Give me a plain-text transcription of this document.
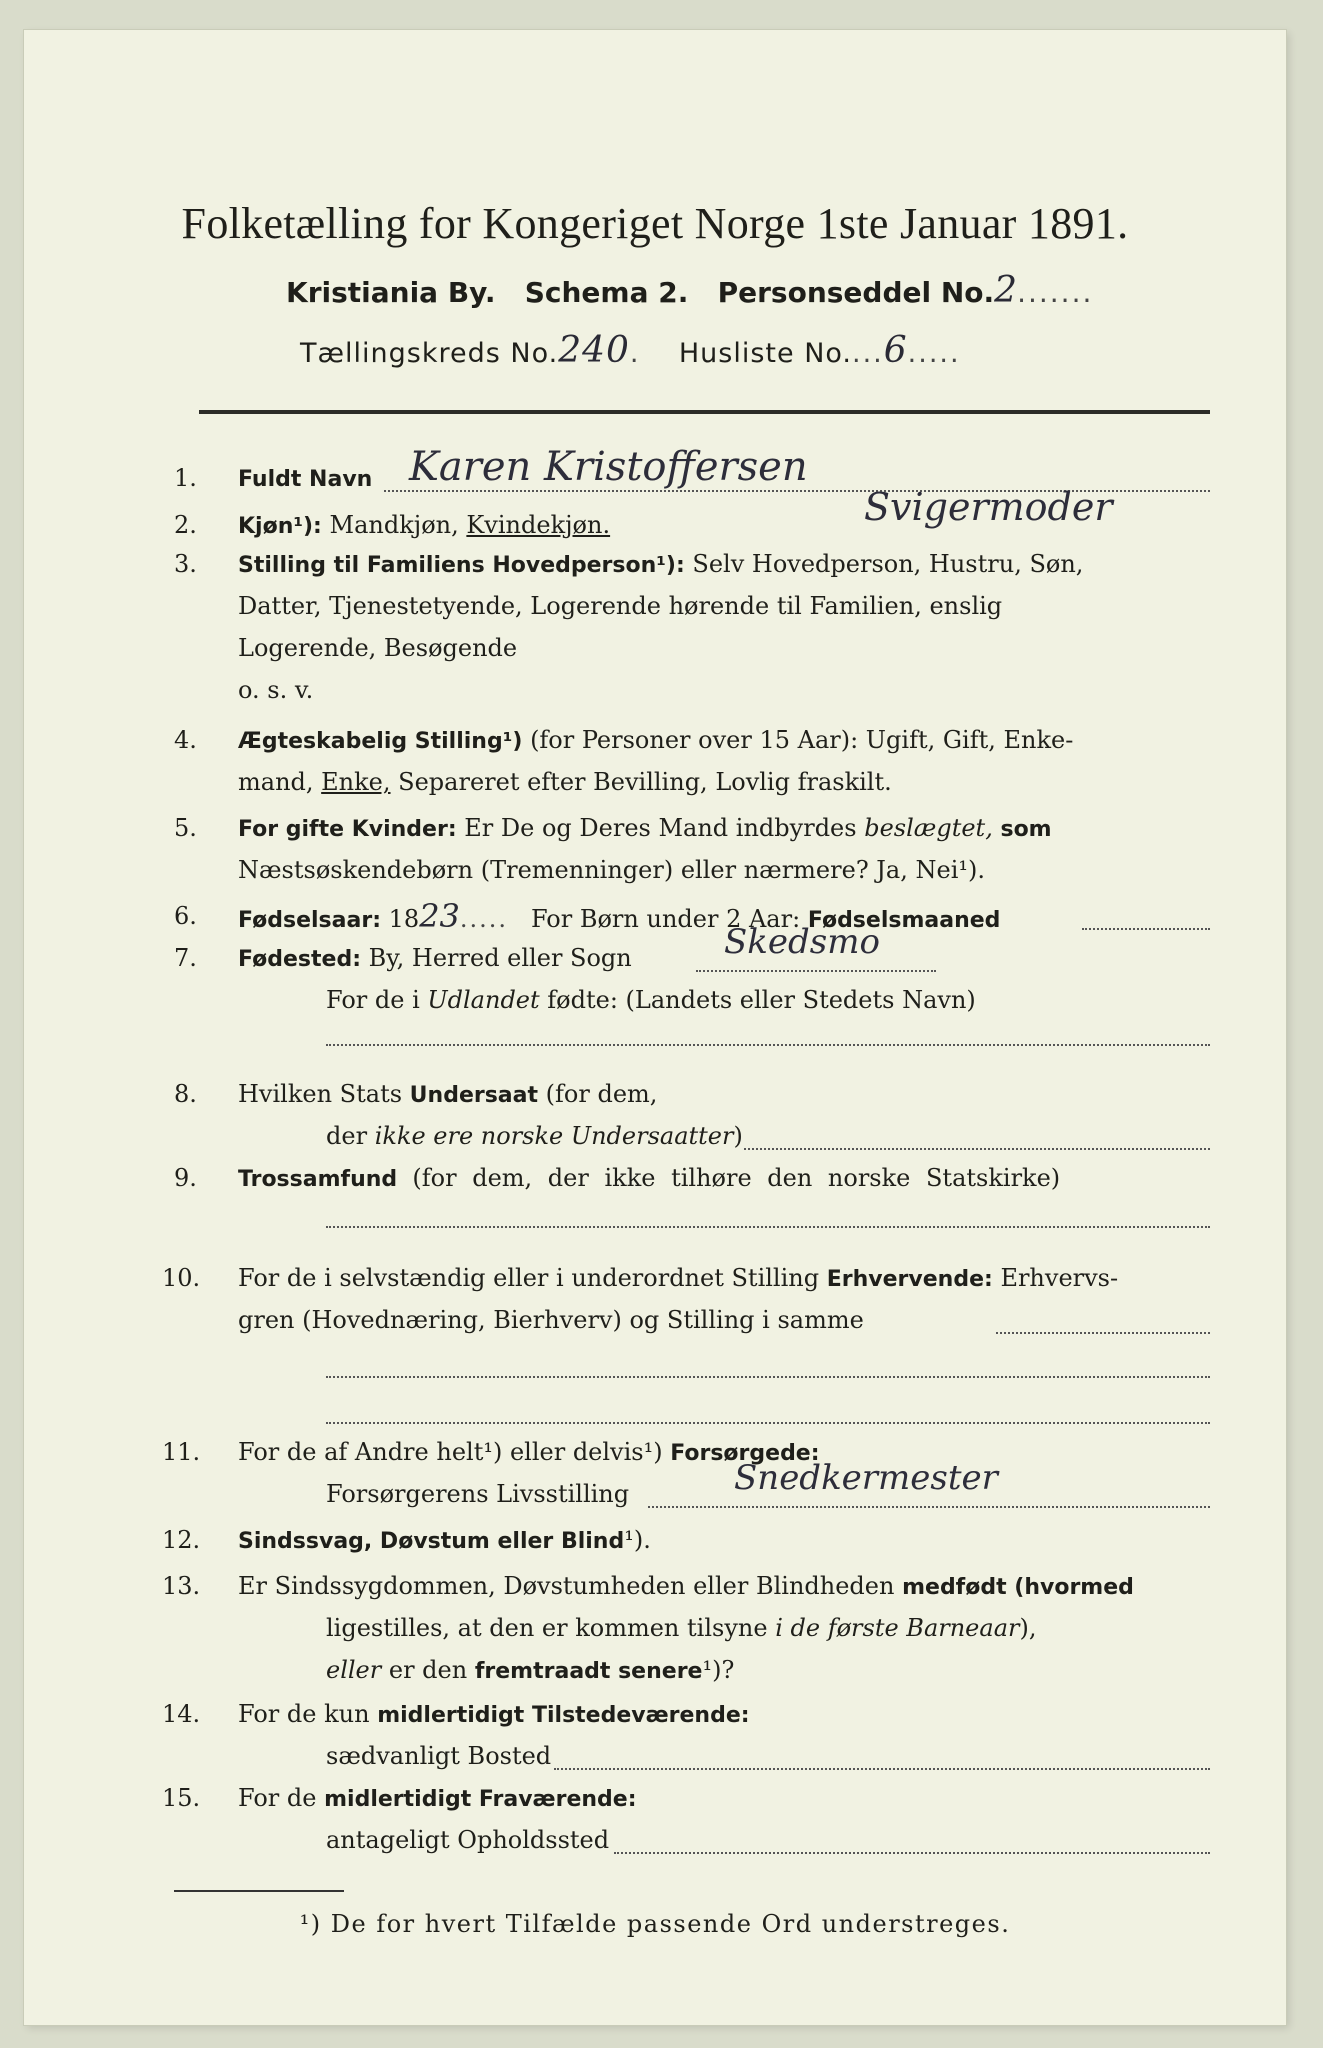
Folketælling for Kongeriget Norge 1ste Januar 1891.
Kristiania By. Schema 2. Personseddel No.2.......
Tællingskreds No.240. Husliste No....6.....
1.	Fuldt Navn Karen Kristoffersen
2.	Kjøn¹): Mandkjøn, Kvindekjøn.	Svigermoder
3.	Stilling til Familiens Hovedperson¹): Selv Hovedperson, Hustru, Søn,
Datter, Tjenestetyende, Logerende hørende til Familien, enslig
Logerende, Besøgende
o. s. v.
4.	Ægteskabelig Stilling¹) (for Personer over 15 Aar): Ugift, Gift, Enke-
mand, Enke, Separeret efter Bevilling, Lovlig fraskilt.
5.	For gifte Kvinder: Er De og Deres Mand indbyrdes beslægtet, som
Næstsøskendebørn (Tremenninger) eller nærmere? Ja, Nei¹).
6.	Fødselsaar: 1823..... For Børn under 2 Aar: Fødselsmaaned
7.	Fødested: By, Herred eller Sogn	Skedsmo
For de i Udlandet fødte: (Landets eller Stedets Navn)
8.	Hvilken Stats Undersaat (for dem,
der ikke ere norske Undersaatter)
9.	Trossamfund (for dem, der ikke tilhøre den norske Statskirke)
10.	For de i selvstændig eller i underordnet Stilling Erhvervende: Erhvervs-
gren (Hovednæring, Bierhverv) og Stilling i samme
11.	For de af Andre helt¹) eller delvis¹) Forsørgede:
Forsørgerens Livsstilling	Snedkermester
12.	Sindssvag, Døvstum eller Blind¹).
13.	Er Sindssygdommen, Døvstumheden eller Blindheden medfødt (hvormed
ligestilles, at den er kommen tilsyne i de første Barneaar),
eller er den fremtraadt senere¹)?
14.	For de kun midlertidigt Tilstedeværende:
sædvanligt Bosted
15.	For de midlertidigt Fraværende:
antageligt Opholdssted
¹) De for hvert Tilfælde passende Ord understreges.
